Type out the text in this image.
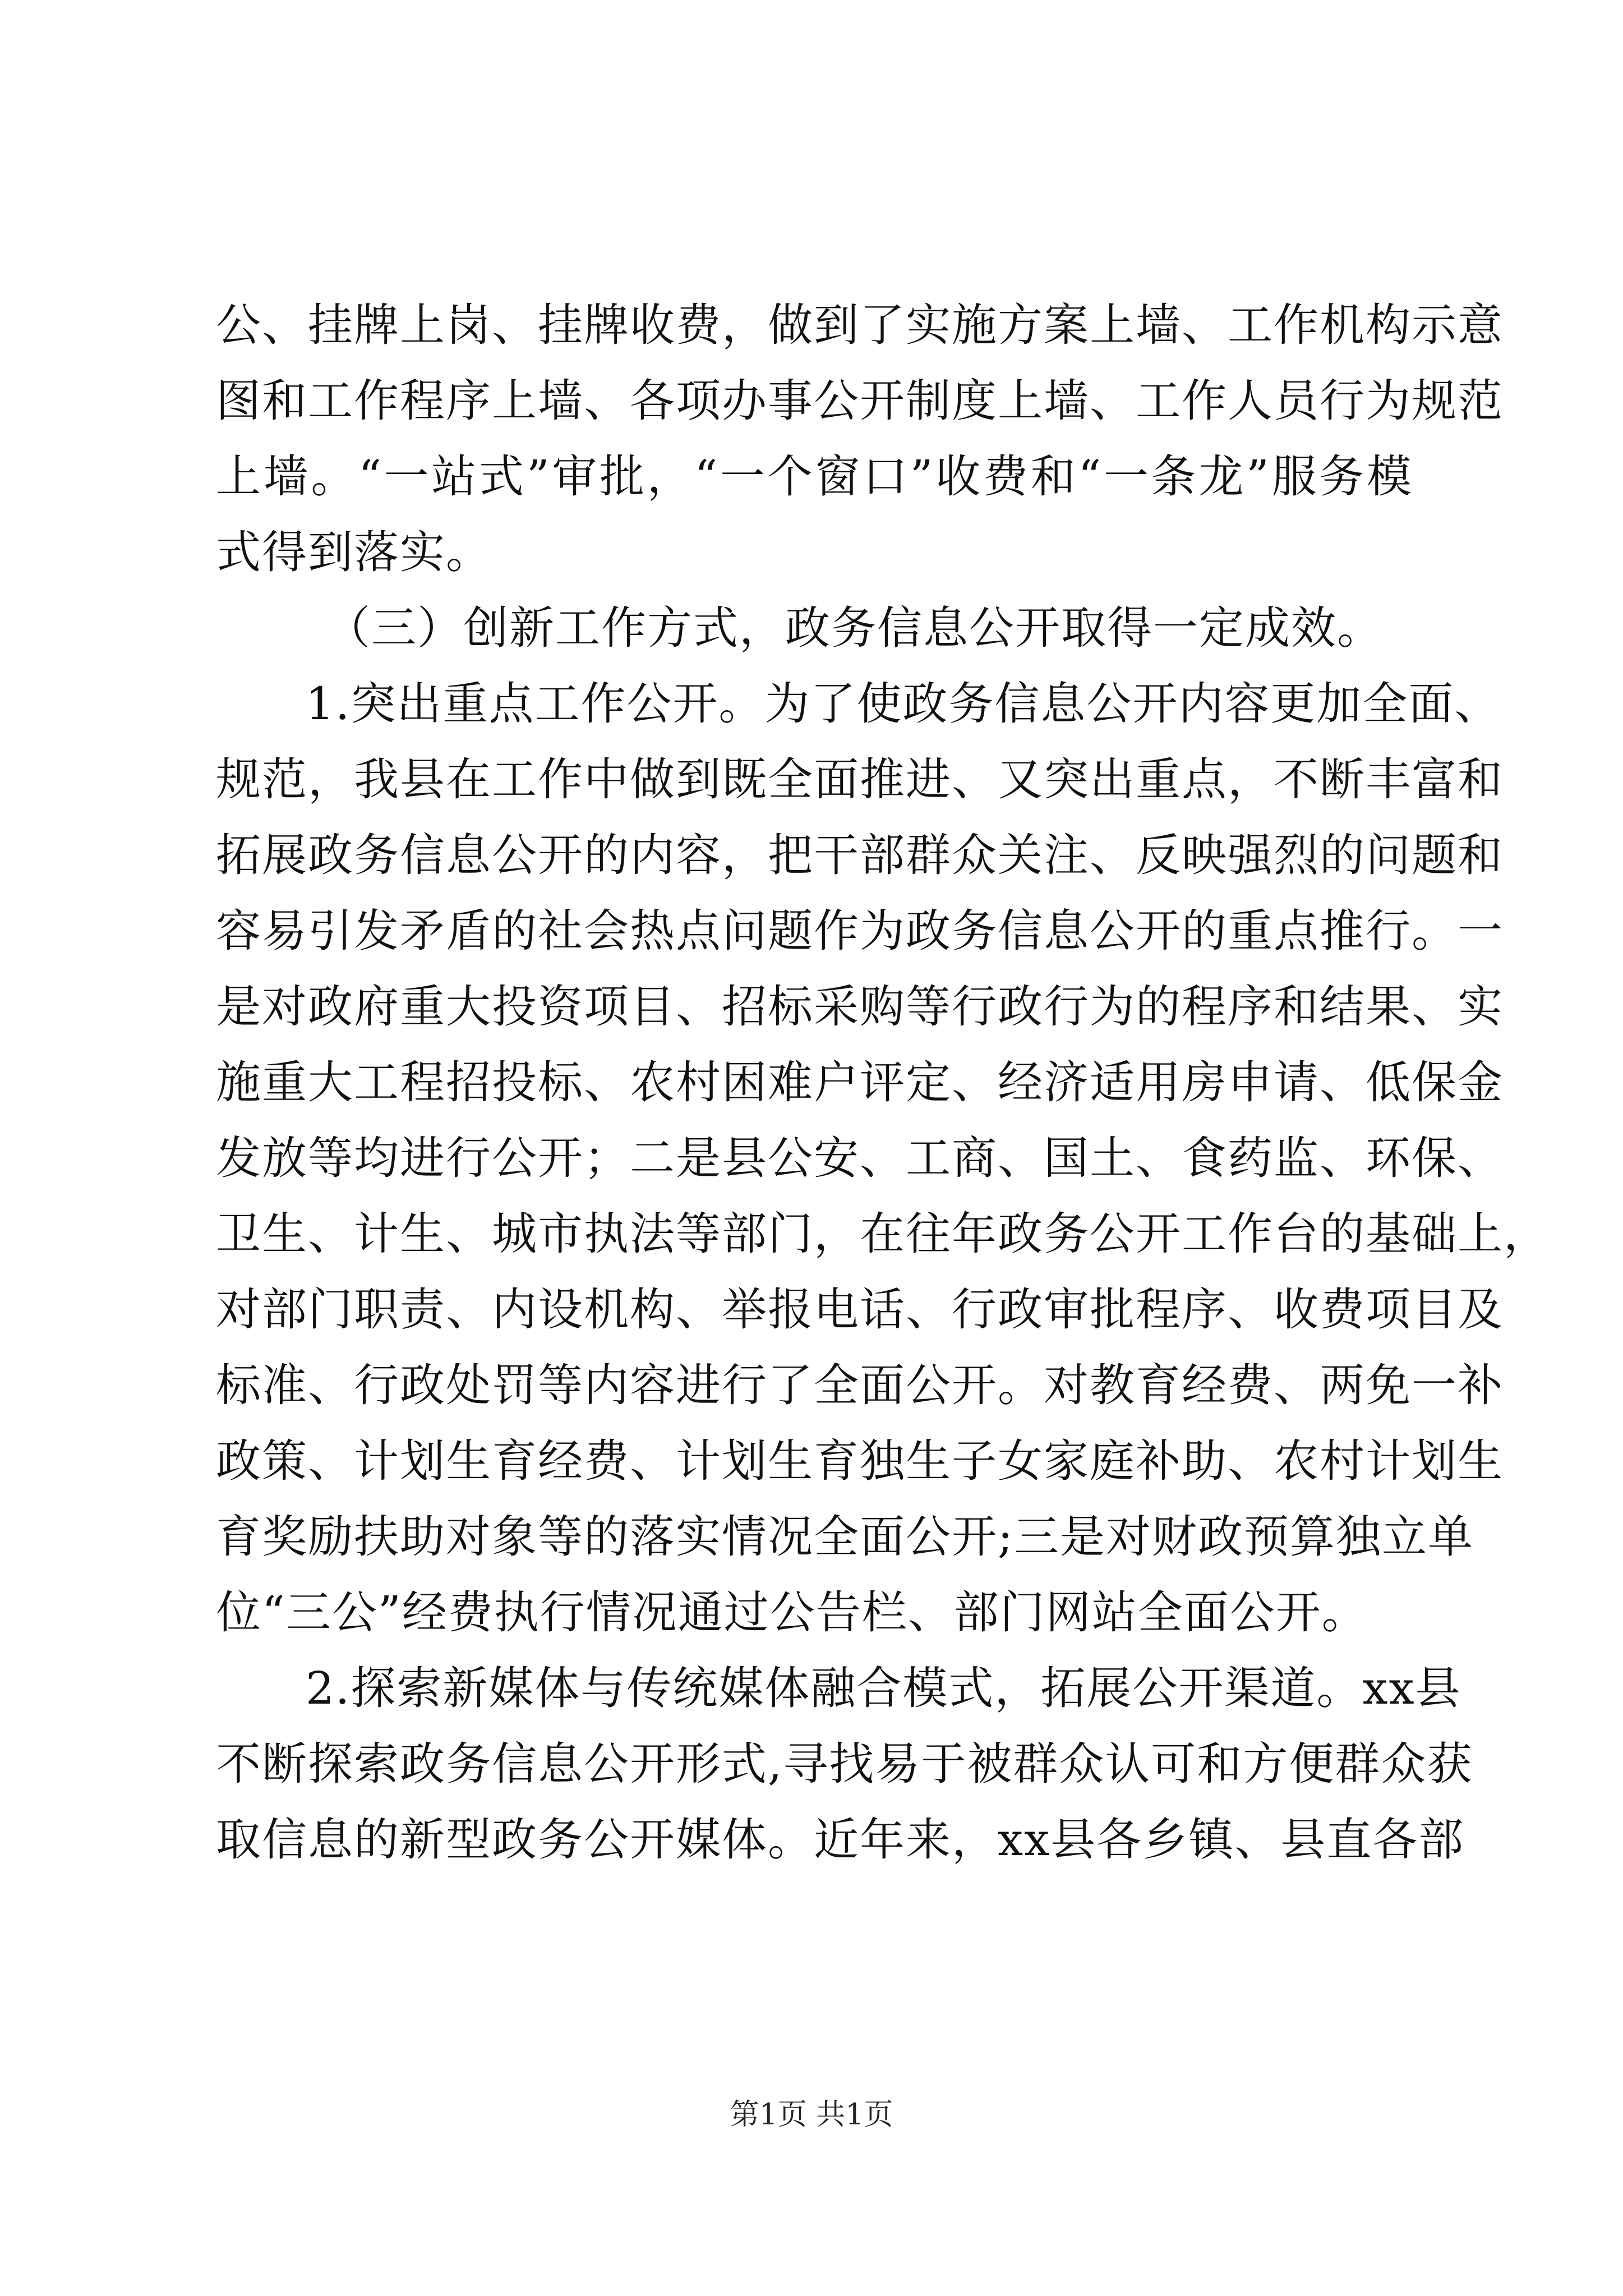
公、挂牌上岗、挂牌收费，做到了实施方案上墙、工作机构示意
图和工作程序上墙、各项办事公开制度上墙、工作人员行为规范
上墙。“一站式”审批，“一个窗口”收费和“一条龙”服务模
式得到落实。
（三）创新工作方式，政务信息公开取得一定成效。
1.突出重点工作公开。为了使政务信息公开内容更加全面、
规范，我县在工作中做到既全面推进、又突出重点，不断丰富和
拓展政务信息公开的内容，把干部群众关注、反映强烈的问题和
容易引发矛盾的社会热点问题作为政务信息公开的重点推行。一
是对政府重大投资项目、招标采购等行政行为的程序和结果、实
施重大工程招投标、农村困难户评定、经济适用房申请、低保金
发放等均进行公开；二是县公安、工商、国土、食药监、环保、
卫生、计生、城市执法等部门，在往年政务公开工作台的基础上，
对部门职责、内设机构、举报电话、行政审批程序、收费项目及
标准、行政处罚等内容进行了全面公开。对教育经费、两免一补
政策、计划生育经费、计划生育独生子女家庭补助、农村计划生
育奖励扶助对象等的落实情况全面公开;三是对财政预算独立单
位“三公”经费执行情况通过公告栏、部门网站全面公开。
2.探索新媒体与传统媒体融合模式，拓展公开渠道。xx县
不断探索政务信息公开形式,寻找易于被群众认可和方便群众获
取信息的新型政务公开媒体。近年来，xx县各乡镇、县直各部
第1页 共1页
